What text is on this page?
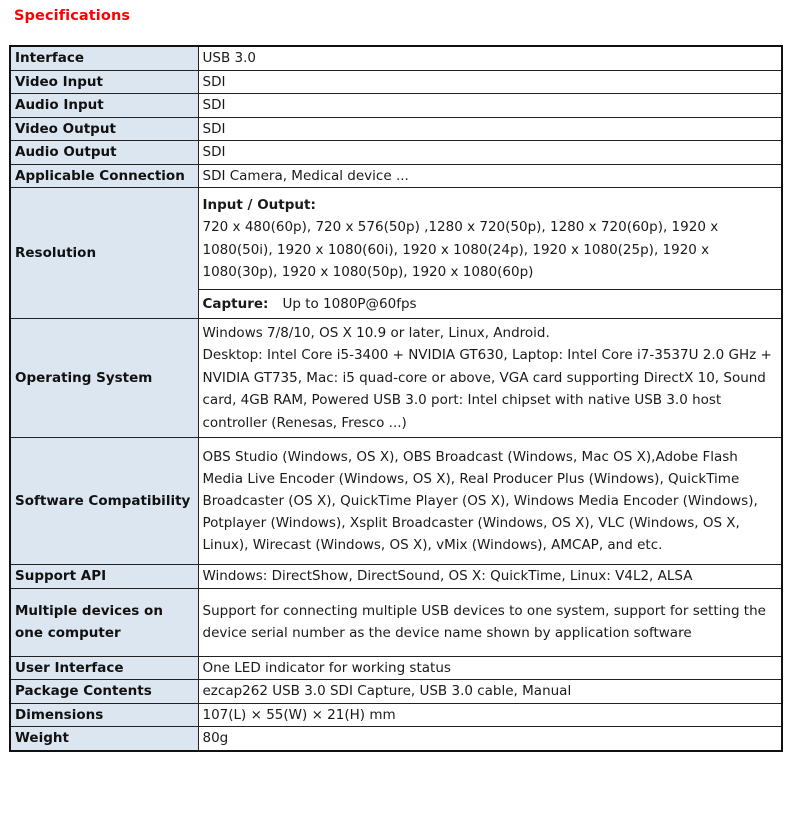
Specifications
Interface	USB 3.0
Video Input	SDI
Audio Input	SDI
Video Output	SDI
Audio Output	SDI
Applicable Connection	SDI Camera, Medical device ...
Resolution	Input / Output:
720 x 480(60p), 720 x 576(50p) ,1280 x 720(50p), 1280 x 720(60p), 1920 x 1080(50i), 1920 x 1080(60i), 1920 x 1080(24p), 1920 x 1080(25p), 1920 x 1080(30p), 1920 x 1080(50p), 1920 x 1080(60p)

	Capture: Up to 1080P@60fps
Operating System	Windows 7/8/10, OS X 10.9 or later, Linux, Android.
Desktop: Intel Core i5-3400 + NVIDIA GT630, Laptop: Intel Core i7-3537U 2.0 GHz + NVIDIA GT735, Mac: i5 quad-core or above, VGA card supporting DirectX 10, Sound card, 4GB RAM, Powered USB 3.0 port: Intel chipset with native USB 3.0 host controller (Renesas, Fresco ...)

Software Compatibility	OBS Studio (Windows, OS X), OBS Broadcast (Windows, Mac OS X),Adobe Flash Media Live Encoder (Windows, OS X), Real Producer Plus (Windows), QuickTime Broadcaster (OS X), QuickTime Player (OS X), Windows Media Encoder (Windows), Potplayer (Windows), Xsplit Broadcaster (Windows, OS X), VLC (Windows, OS X, Linux), Wirecast (Windows, OS X), vMix (Windows), AMCAP, and etc.
Support API	Windows: DirectShow, DirectSound, OS X: QuickTime, Linux: V4L2, ALSA
Multiple devices on one computer	Support for connecting multiple USB devices to one system, support for setting the device serial number as the device name shown by application software
User Interface	One LED indicator for working status
Package Contents	ezcap262 USB 3.0 SDI Capture, USB 3.0 cable, Manual
Dimensions	107(L) × 55(W) × 21(H) mm
Weight	80g
